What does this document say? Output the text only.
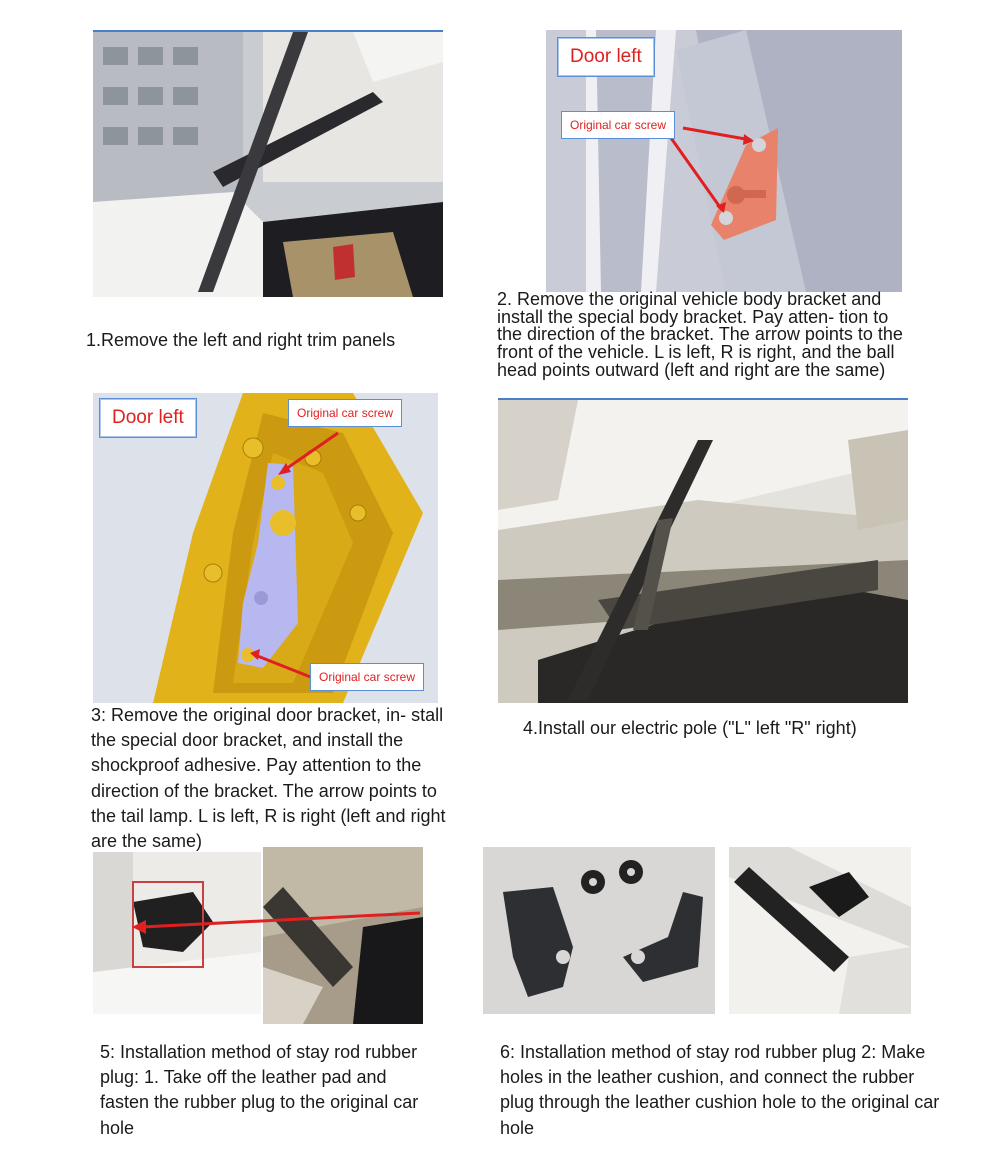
1.Remove the left and right trim panels
Door left
Original car screw
2. Remove the original vehicle body bracket and install the special body bracket. Pay atten- tion to the direction of the bracket. The arrow points to the front of the vehicle. L is left, R is right, and the ball head points outward (left and right are the same)
Door left	Original car screw
Original car screw
3: Remove the original door bracket, in- stall the special door bracket, and install the shockproof adhesive. Pay attention to the direction of the bracket. The arrow points to the tail lamp. L is left, R is right (left and right are the same)
4.Install our electric pole ("L" left "R" right)
5: Installation method of stay rod rubber plug: 1. Take off the leather pad and fasten the rubber plug to the original car hole
6: Installation method of stay rod rubber plug 2: Make holes in the leather cushion, and connect the rubber plug through the leather cushion hole to the original car hole
